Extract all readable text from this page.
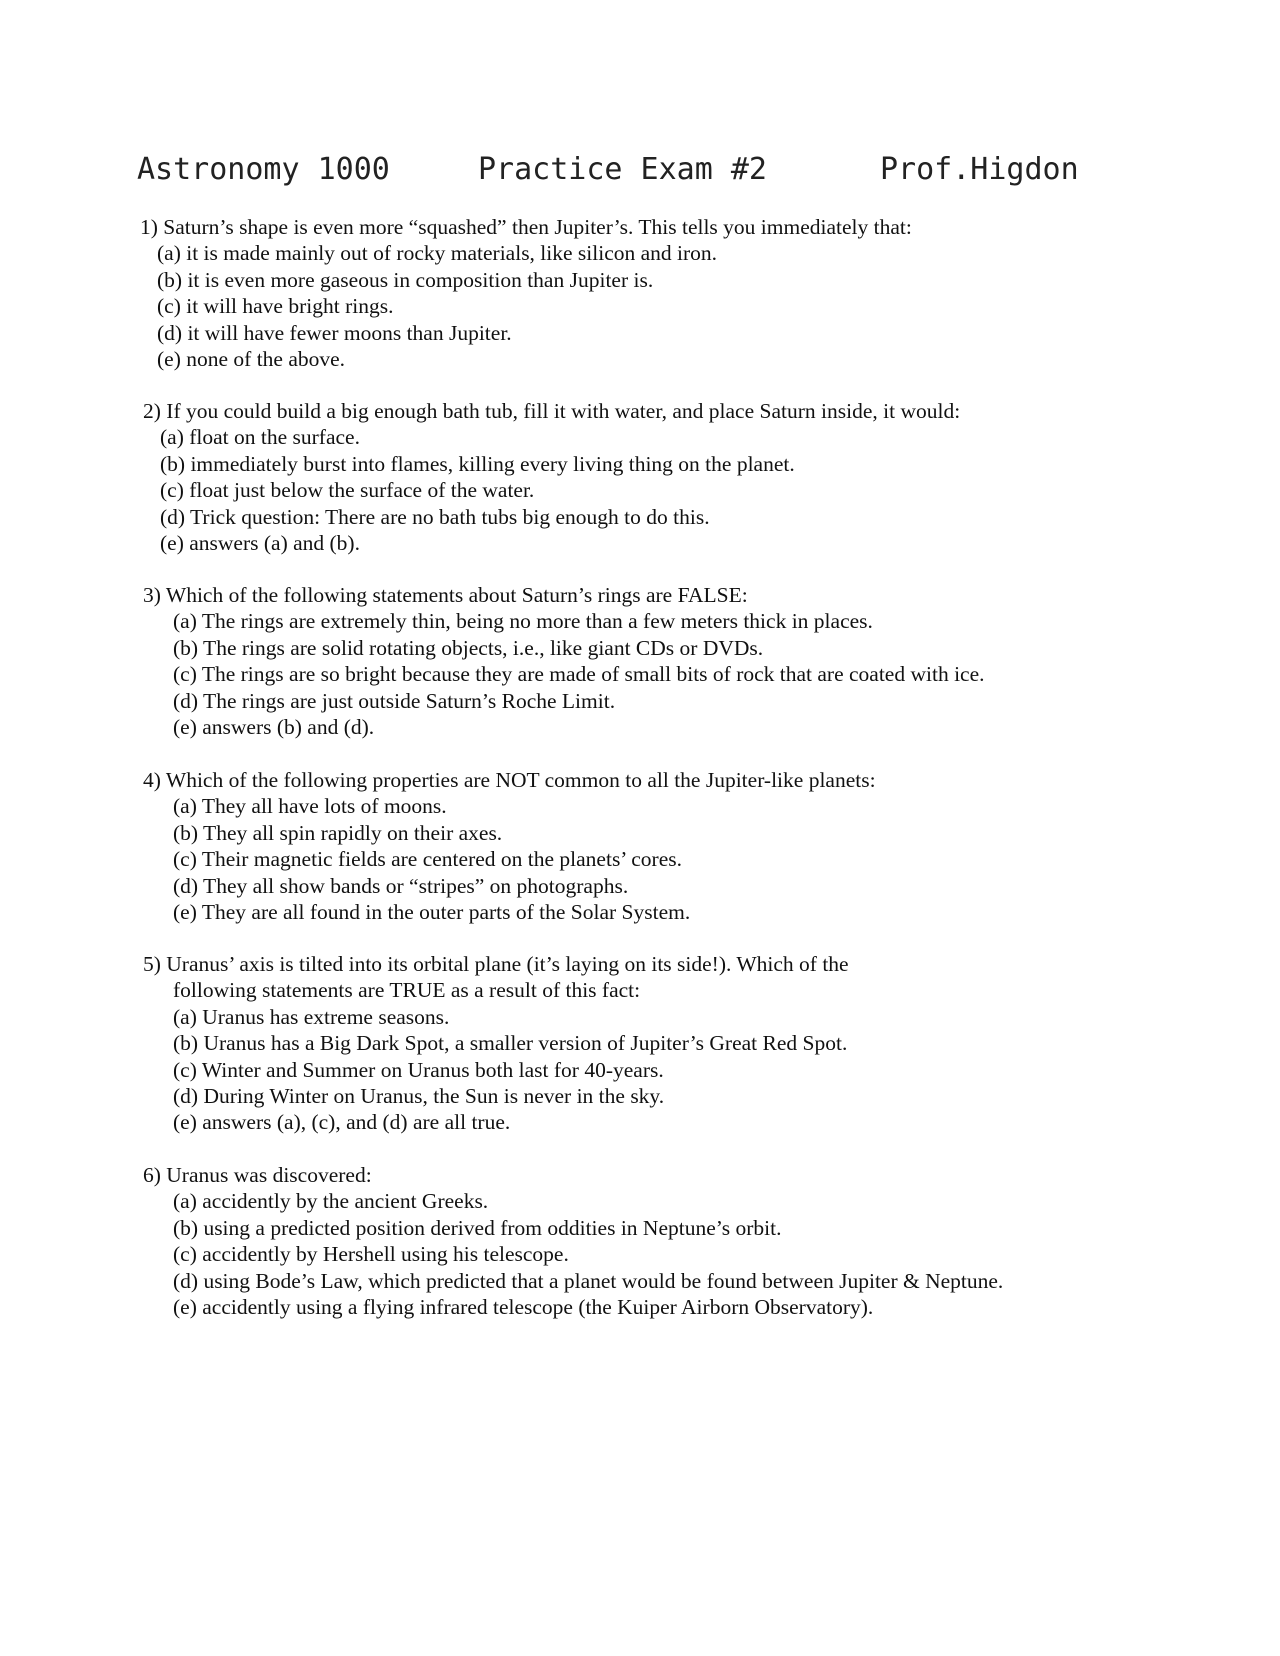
Astronomy 1000	Practice Exam #2	Prof.Higdon
1) Saturn’s shape is even more “squashed” then Jupiter’s. This tells you immediately that:
(a) it is made mainly out of rocky materials, like silicon and iron.
(b) it is even more gaseous in composition than Jupiter is.
(c) it will have bright rings.
(d) it will have fewer moons than Jupiter.
(e) none of the above.
2) If you could build a big enough bath tub, fill it with water, and place Saturn inside, it would:
(a) float on the surface.
(b) immediately burst into flames, killing every living thing on the planet.
(c) float just below the surface of the water.
(d) Trick question: There are no bath tubs big enough to do this.
(e) answers (a) and (b).
3) Which of the following statements about Saturn’s rings are FALSE:
(a) The rings are extremely thin, being no more than a few meters thick in places.
(b) The rings are solid rotating objects, i.e., like giant CDs or DVDs.
(c) The rings are so bright because they are made of small bits of rock that are coated with ice.
(d) The rings are just outside Saturn’s Roche Limit.
(e) answers (b) and (d).
4) Which of the following properties are NOT common to all the Jupiter-like planets:
(a) They all have lots of moons.
(b) They all spin rapidly on their axes.
(c) Their magnetic fields are centered on the planets’ cores.
(d) They all show bands or “stripes” on photographs.
(e) They are all found in the outer parts of the Solar System.
5) Uranus’ axis is tilted into its orbital plane (it’s laying on its side!). Which of the
following statements are TRUE as a result of this fact:
(a) Uranus has extreme seasons.
(b) Uranus has a Big Dark Spot, a smaller version of Jupiter’s Great Red Spot.
(c) Winter and Summer on Uranus both last for 40-years.
(d) During Winter on Uranus, the Sun is never in the sky.
(e) answers (a), (c), and (d) are all true.
6) Uranus was discovered:
(a) accidently by the ancient Greeks.
(b) using a predicted position derived from oddities in Neptune’s orbit.
(c) accidently by Hershell using his telescope.
(d) using Bode’s Law, which predicted that a planet would be found between Jupiter & Neptune.
(e) accidently using a flying infrared telescope (the Kuiper Airborn Observatory).
